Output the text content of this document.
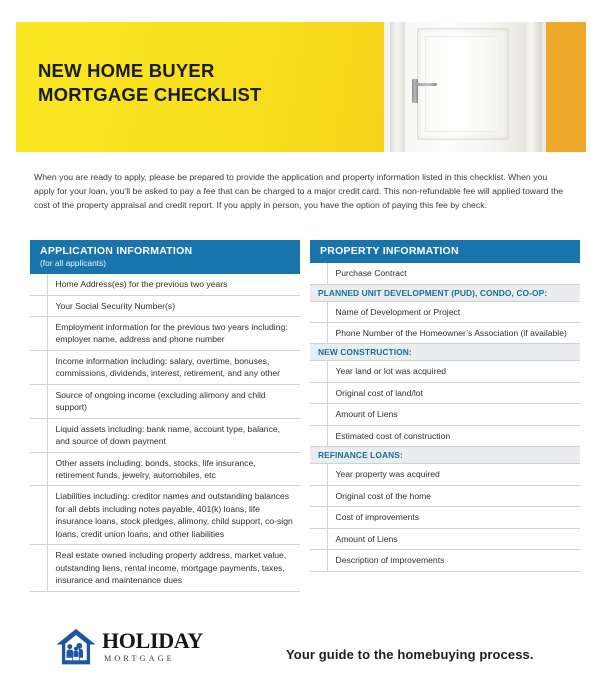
NEW HOME BUYER
MORTGAGE CHECKLIST
When you are ready to apply, please be prepared to provide the application and property information listed in this checklist. When you apply for your loan, you’ll be asked to pay a fee that can be charged to a major credit card. This non-refundable fee will applied toward the cost of the property appraisal and credit report. If you apply in person, you have the option of paying this fee by check.
APPLICATION INFORMATION
(for all applicants)
	Home Address(es) for the previous two years
	Your Social Security Number(s)
	Employment information for the previous two years including: employer name, address and phone number
	Income information including: salary, overtime, bonuses, commissions, dividends, interest, retirement, and any other
	Source of ongoing income (excluding alimony and child support)
	Liquid assets including: bank name, account type, balance, and source of down payment
	Other assets including: bonds, stocks, life insurance, retirement funds, jewelry, automobiles, etc
	Liabilities including: creditor names and outstanding balances for all debts including notes payable, 401(k) loans, life insurance loans, stock pledges, alimony, child support, co-sign loans, credit union loans, and other liabilities
	Real estate owned including property address, market value, outstanding liens, rental income, mortgage payments, taxes, insurance and maintenance dues
PROPERTY INFORMATION
	Purchase Contract
PLANNED UNIT DEVELOPMENT (PUD), CONDO, CO-OP:	
	Name of Development or Project
	Phone Number of the Homeowner’s Association (if available)
NEW CONSTRUCTION:	
	Year land or lot was acquired
	Original cost of land/lot
	Amount of Liens
	Estimated cost of construction
REFINANCE LOANS:	
	Year property was acquired
	Original cost of the home
	Cost of improvements
	Amount of Liens
	Description of improvements
HOLIDAY
MORTGAGE	Your guide to the homebuying process.
